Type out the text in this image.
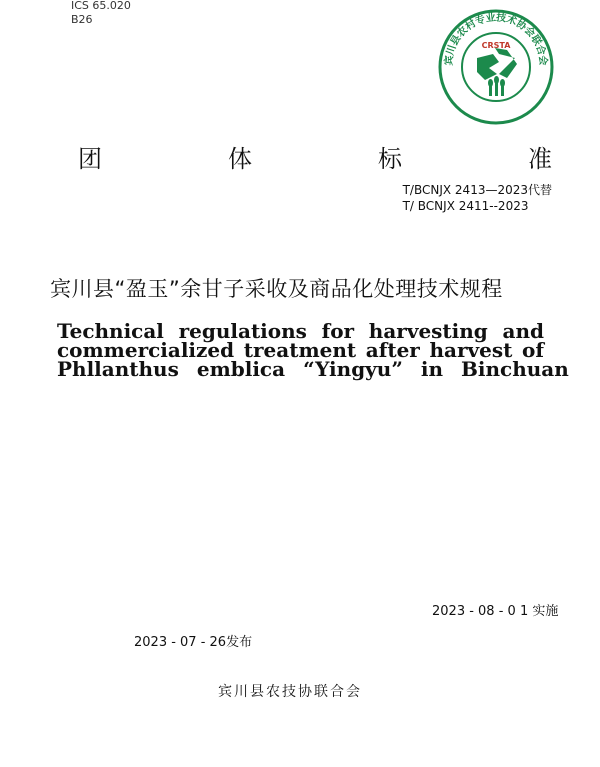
ICS 65.020
B26
宾川县农村专业技术协会联合会
CRSTA
团	体	标	准
T/BCNJX 2413—2023代替
T/ BCNJX 2411--2023
宾川县“盈玉”余甘子采收及商品化处理技术规程
Technical regulations for harvesting and
commercialized treatment after harvest of
Phllanthus emblica “Yingyu” in Binchuan
2023 - 08 - 0 1 实施
2023 - 07 - 26发布
宾川县农技协联合会
